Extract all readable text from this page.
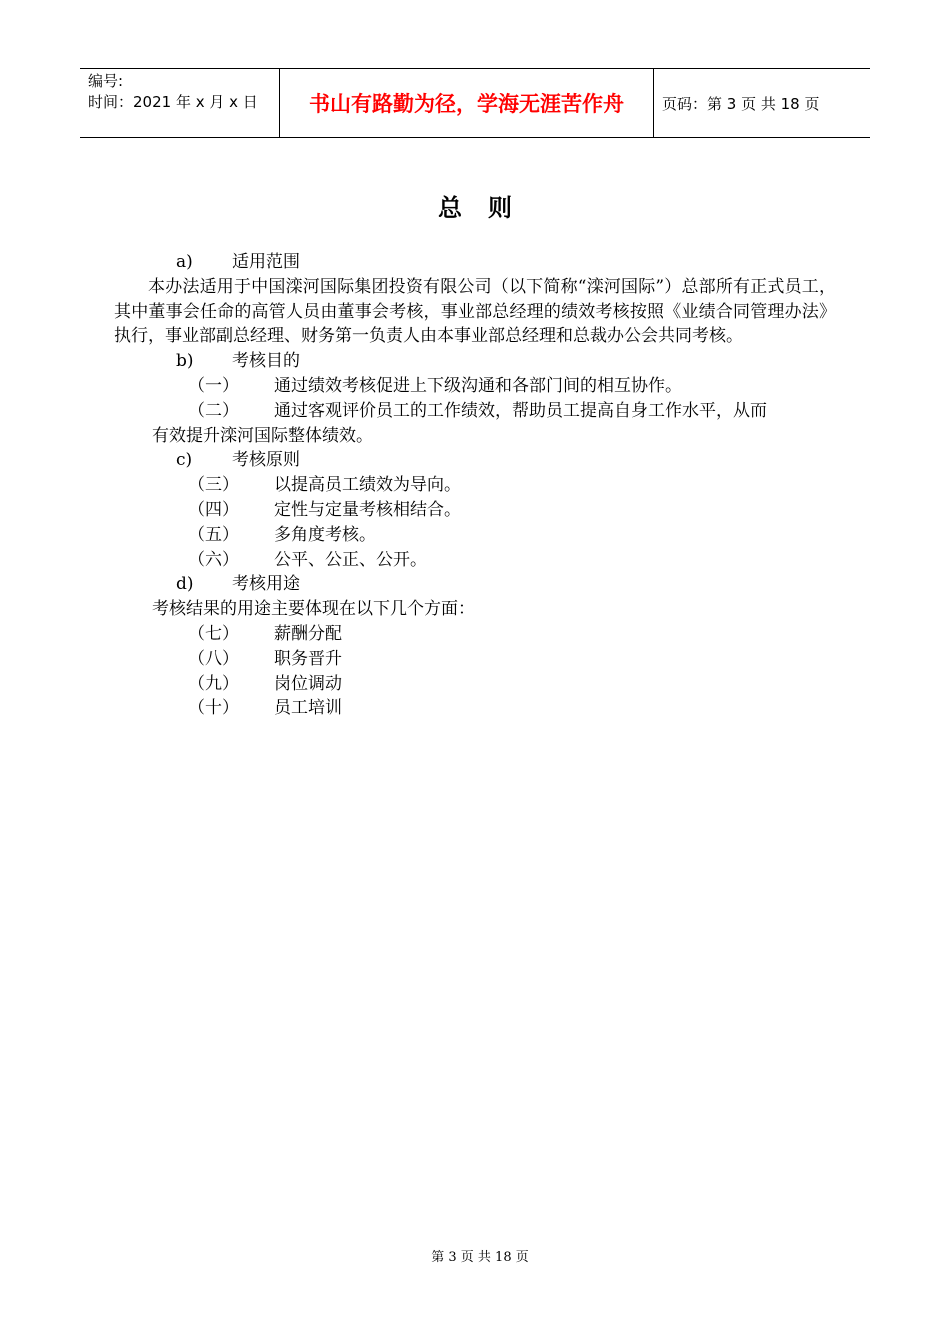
编号:
时间：2021 年 x 月 x 日	书山有路勤为径，学海无涯苦作舟	页码：第 3 页 共 18 页
总则
a)	适用范围
本办法适用于中国滦河国际集团投资有限公司（以下简称“滦河国际”）总部所有正式员工，其中董事会任命的高管人员由董事会考核，事业部总经理的绩效考核按照《业绩合同管理办法》执行，事业部副总经理、财务第一负责人由本事业部总经理和总裁办公会共同考核。
b)	考核目的
（一）	通过绩效考核促进上下级沟通和各部门间的相互协作。
（二）	通过客观评价员工的工作绩效，帮助员工提高自身工作水平，从而
有效提升滦河国际整体绩效。
c)	考核原则
（三）	以提高员工绩效为导向。
（四）	定性与定量考核相结合。
（五）	多角度考核。
（六）	公平、公正、公开。
d)	考核用途
考核结果的用途主要体现在以下几个方面：
（七）	薪酬分配
（八）	职务晋升
（九）	岗位调动
（十）	员工培训
第 3 页 共 18 页
